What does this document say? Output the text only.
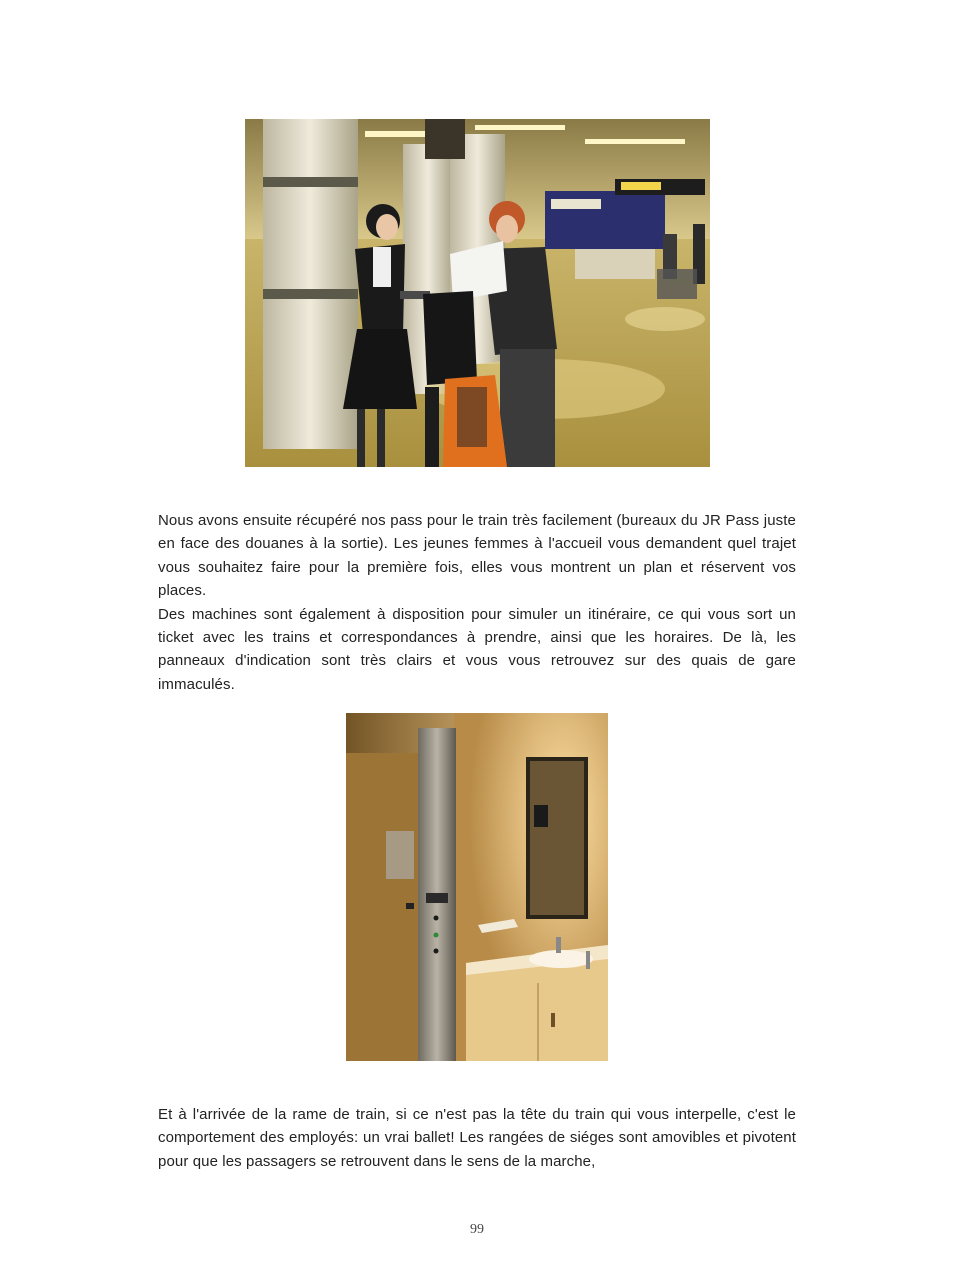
Nous avons ensuite récupéré nos pass pour le train très facilement (bureaux du JR Pass juste en face des douanes à la sortie). Les jeunes femmes à l'accueil vous demandent quel trajet vous souhaitez faire pour la première fois, elles vous montrent un plan et réservent vos places.

Des machines sont également à disposition pour simuler un itinéraire, ce qui vous sort un ticket avec les trains et correspondances à prendre, ainsi que les horaires. De là, les panneaux d'indication sont très clairs et vous vous retrouvez sur des quais de gare immaculés.

Et à l'arrivée de la rame de train, si ce n'est pas la tête du train qui vous interpelle, c'est le comportement des employés: un vrai ballet! Les rangées de siéges sont amovibles et pivotent pour que les passagers se retrouvent dans le sens de la marche,

99
